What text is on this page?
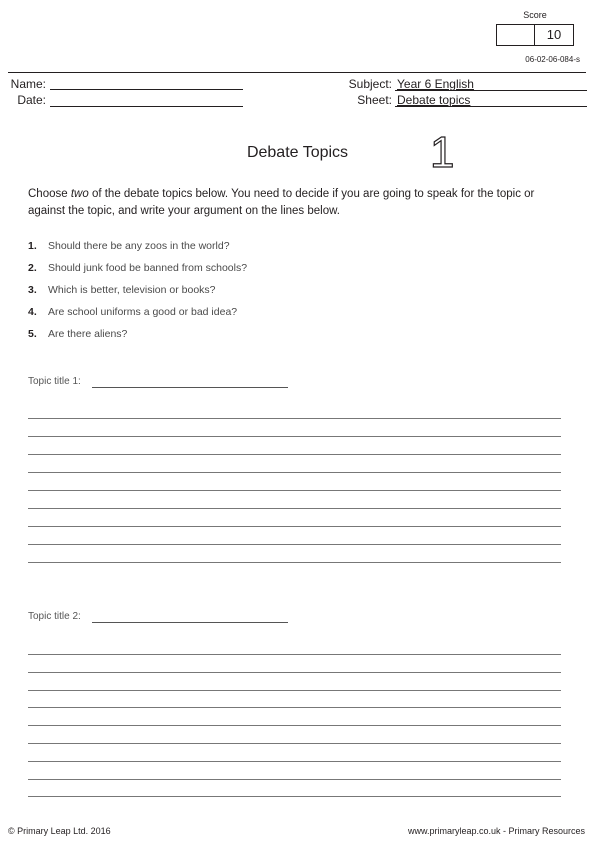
Score
10
06-02-06-084-s
Name:
Date:
Subject: Year 6 English
Sheet: Debate topics
Debate Topics	1
Choose two of the debate topics below. You need to decide if you are going to speak for the topic or against the topic, and write your argument on the lines below.
1. Should there be any zoos in the world?
2. Should junk food be banned from schools?
3. Which is better, television or books?
4. Are school uniforms a good or bad idea?
5. Are there aliens?
Topic title 1:
Topic title 2:
© Primary Leap Ltd. 2016	www.primaryleap.co.uk - Primary Resources
